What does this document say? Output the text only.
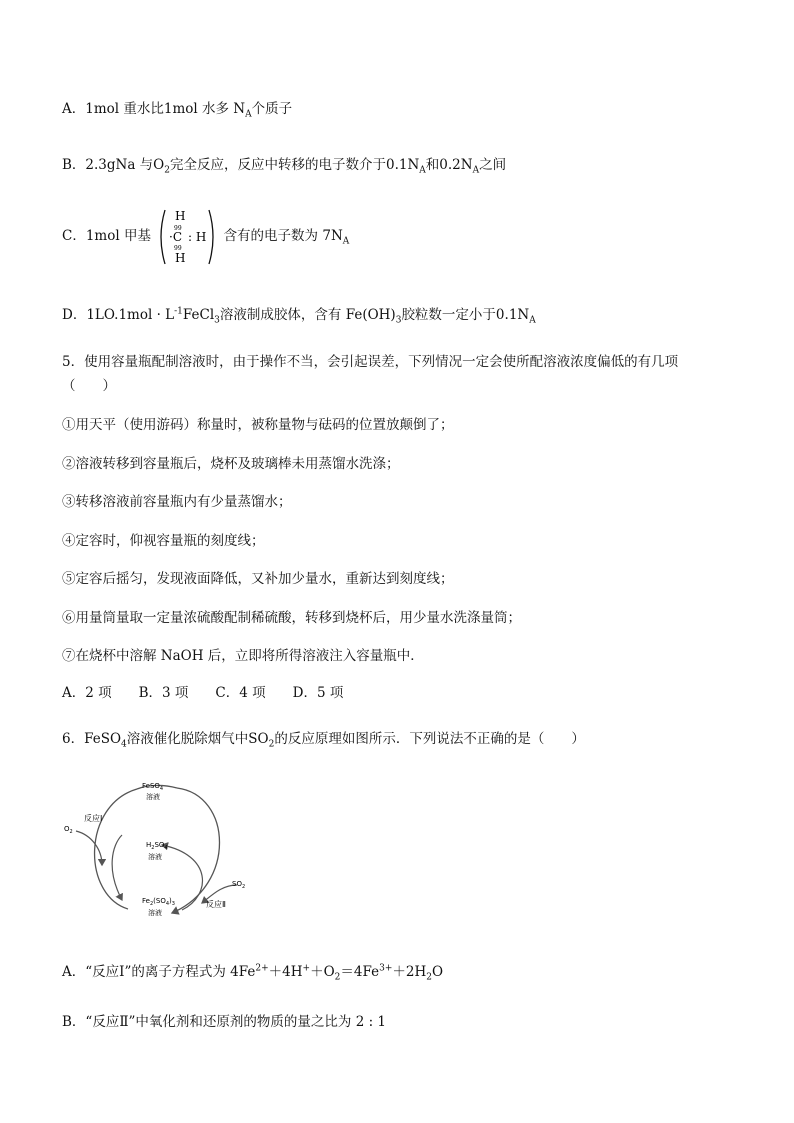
A．1mol 重水比1mol 水多 $N_A$个质子
B．2.3gNa 与$O_2$完全反应，反应中转移的电子数介于$0.1N_A$和$0.2N_A$之间
C．1mol 甲基
H
99
·C : H
99
H
含有的电子数为 $7N_A$
D．$1LO.1mol \cdot L^{-1}FeCl_3$溶液制成胶体，含有 $Fe(OH)_3$胶粒数一定小于$0.1N_A$
5．使用容量瓶配制溶液时，由于操作不当，会引起误差，下列情况一定会使所配溶液浓度偏低的有几项
（　　）
①用天平（使用游码）称量时，被称量物与砝码的位置放颠倒了；
②溶液转移到容量瓶后，烧杯及玻璃棒未用蒸馏水洗涤；
③转移溶液前容量瓶内有少量蒸馏水；
④定容时，仰视容量瓶的刻度线；
⑤定容后摇匀，发现液面降低，又补加少量水，重新达到刻度线；
⑥用量筒量取一定量浓硫酸配制稀硫酸，转移到烧杯后，用少量水洗涤量筒；
⑦在烧杯中溶解 NaOH 后，立即将所得溶液注入容量瓶中．
A．2 项　　B．3 项　　C．4 项　　D．5 项
6．FeSO$_4$溶液催化脱除烟气中$SO_2$的反应原理如图所示．下列说法不正确的是（　　）
FeSO$_4$
溶液
$H_2SO_4$
溶液
$Fe_2(SO_4)_3$
溶液
$O_2$
$SO_2$
反应Ⅰ
反应Ⅱ
A．“反应Ⅰ”的离子方程式为 $4Fe^{2+}+4H^++O_2=4Fe^{3+}+2H_2O$
B．“反应Ⅱ”中氧化剂和还原剂的物质的量之比为 2 : 1
